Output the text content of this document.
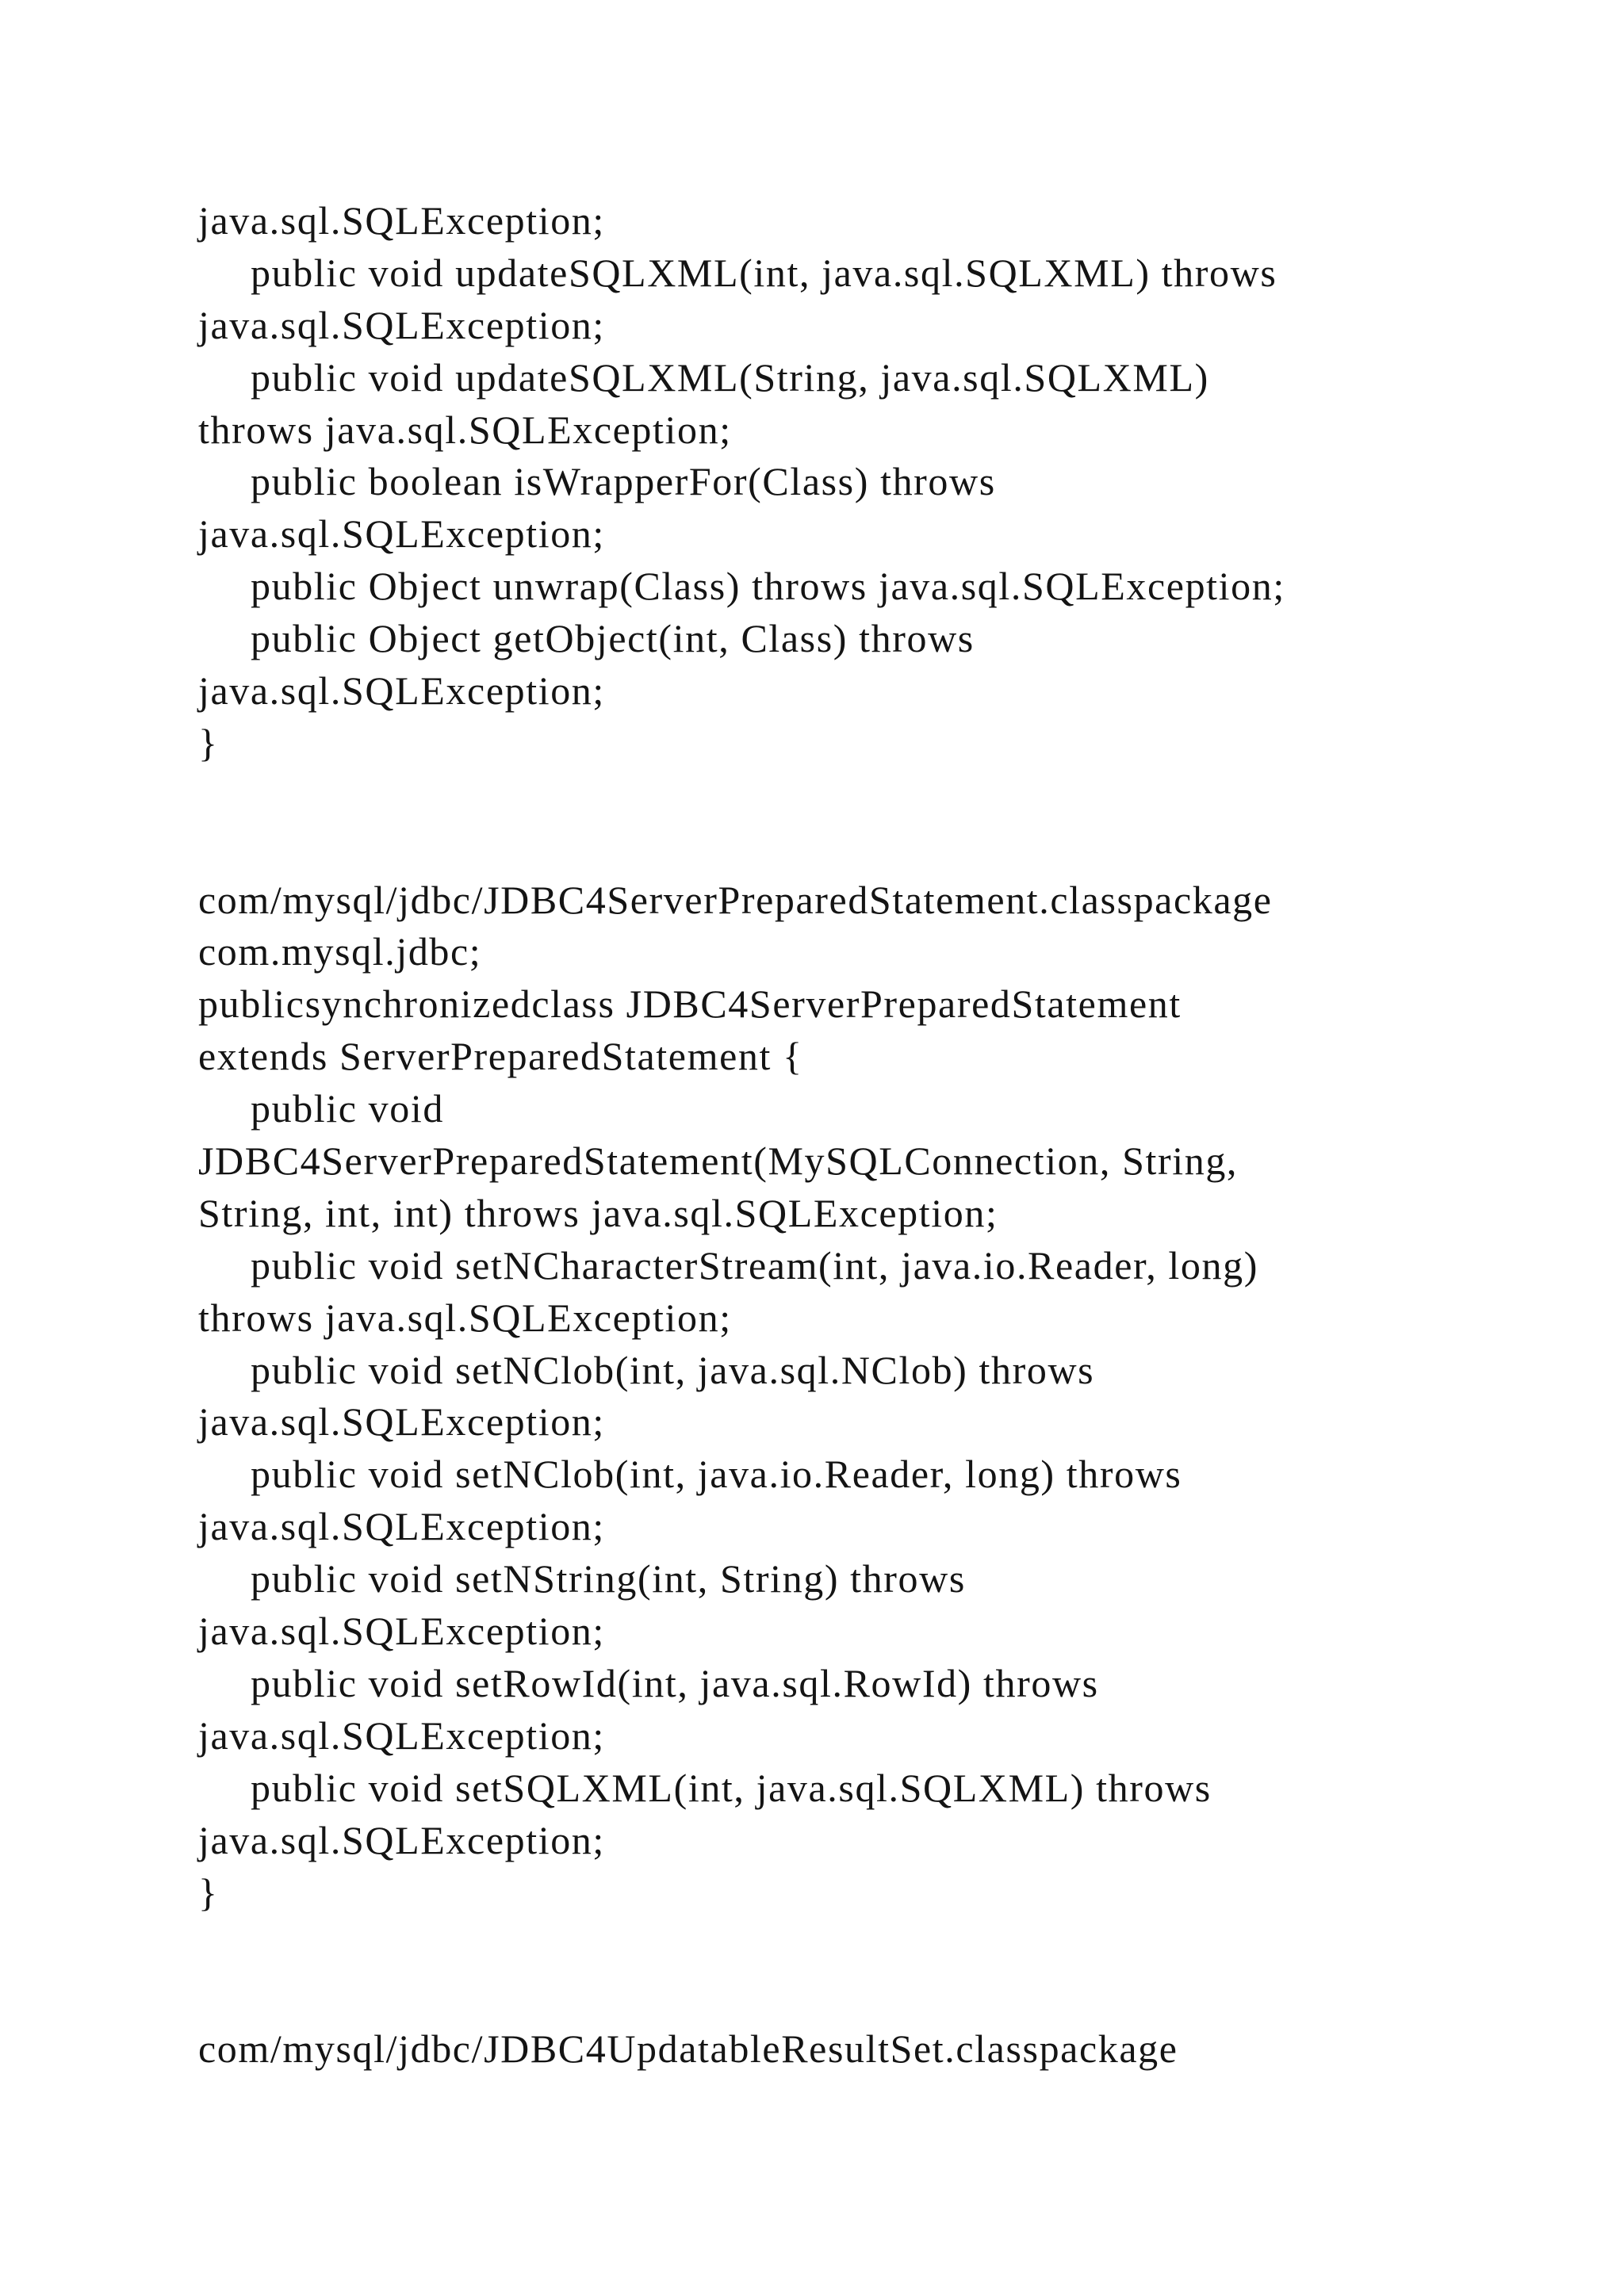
java.sql.SQLException;
public void updateSQLXML(int, java.sql.SQLXML) throws
java.sql.SQLException;
public void updateSQLXML(String, java.sql.SQLXML)
throws java.sql.SQLException;
public boolean isWrapperFor(Class) throws
java.sql.SQLException;
public Object unwrap(Class) throws java.sql.SQLException;
public Object getObject(int, Class) throws
java.sql.SQLException;
}
com/mysql/jdbc/JDBC4ServerPreparedStatement.classpackage
com.mysql.jdbc;
publicsynchronizedclass JDBC4ServerPreparedStatement
extends ServerPreparedStatement {
public void
JDBC4ServerPreparedStatement(MySQLConnection, String,
String, int, int) throws java.sql.SQLException;
public void setNCharacterStream(int, java.io.Reader, long)
throws java.sql.SQLException;
public void setNClob(int, java.sql.NClob) throws
java.sql.SQLException;
public void setNClob(int, java.io.Reader, long) throws
java.sql.SQLException;
public void setNString(int, String) throws
java.sql.SQLException;
public void setRowId(int, java.sql.RowId) throws
java.sql.SQLException;
public void setSQLXML(int, java.sql.SQLXML) throws
java.sql.SQLException;
}
com/mysql/jdbc/JDBC4UpdatableResultSet.classpackage
